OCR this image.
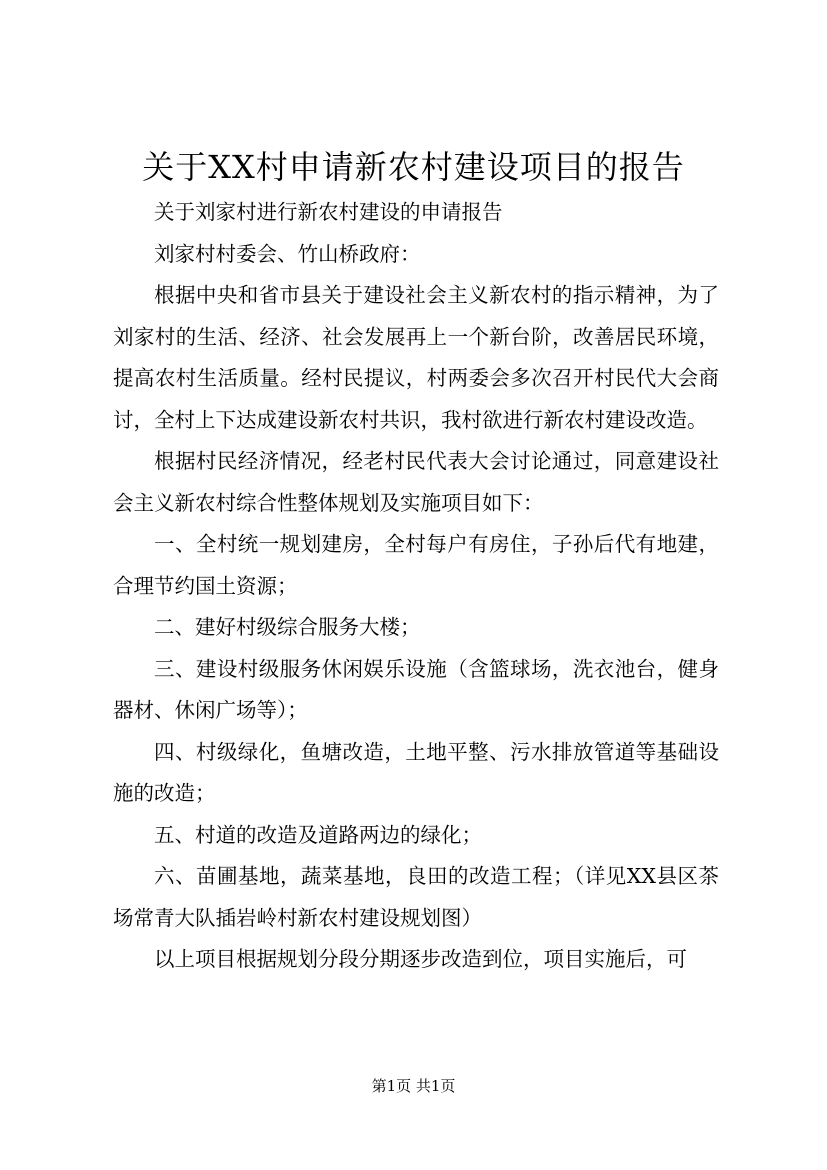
关于XX村申请新农村建设项目的报告

关于刘家村进行新农村建设的申请报告

刘家村村委会、竹山桥政府：

根据中央和省市县关于建设社会主义新农村的指示精神，为了刘家村的生活、经济、社会发展再上一个新台阶，改善居民环境，提高农村生活质量。经村民提议，村两委会多次召开村民代大会商讨，全村上下达成建设新农村共识，我村欲进行新农村建设改造。

根据村民经济情况，经老村民代表大会讨论通过，同意建设社会主义新农村综合性整体规划及实施项目如下：

一、全村统一规划建房，全村每户有房住，子孙后代有地建，合理节约国土资源；

二、建好村级综合服务大楼；

三、建设村级服务休闲娱乐设施（含篮球场，洗衣池台，健身器材、休闲广场等）；

四、村级绿化，鱼塘改造，土地平整、污水排放管道等基础设施的改造；

五、村道的改造及道路两边的绿化；

六、苗圃基地，蔬菜基地，良田的改造工程；（详见XX县区茶场常青大队插岩岭村新农村建设规划图）

以上项目根据规划分段分期逐步改造到位，项目实施后，可

第1页 共1页
